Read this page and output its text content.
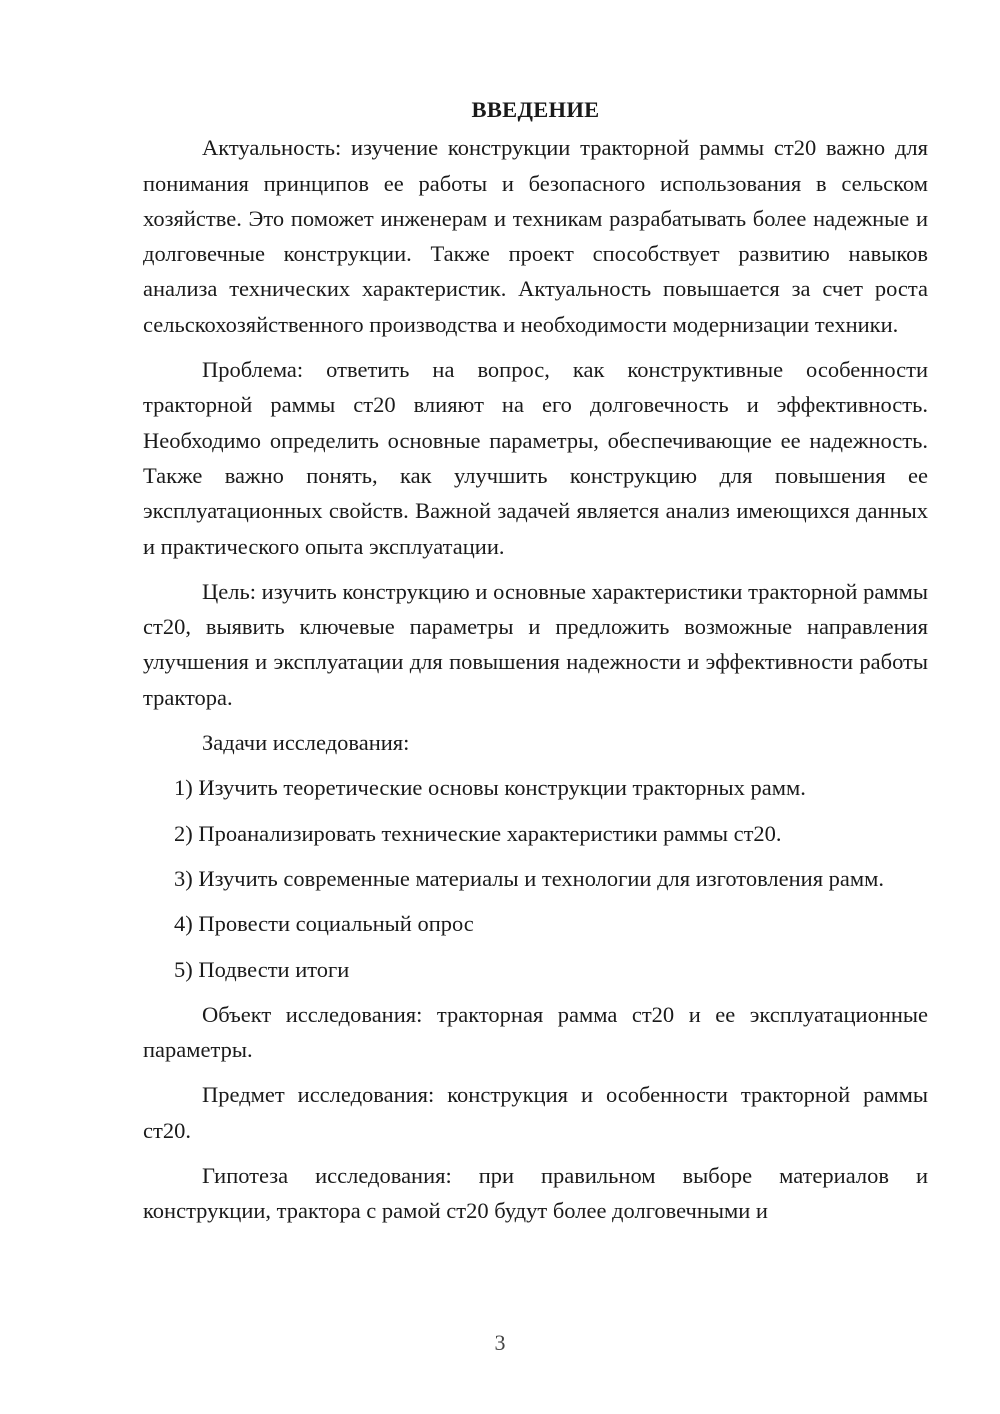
ВВЕДЕНИЕ

Актуальность: изучение конструкции тракторной раммы ст20 важно для понимания принципов ее работы и безопасного использования в сельском хозяйстве. Это поможет инженерам и техникам разрабатывать более надежные и долговечные конструкции. Также проект способствует развитию навыков анализа технических характеристик. Актуальность повышается за счет роста сельскохозяйственного производства и необходимости модернизации техники.

Проблема: ответить на вопрос, как конструктивные особенности тракторной раммы ст20 влияют на его долговечность и эффективность. Необходимо определить основные параметры, обеспечивающие ее надежность. Также важно понять, как улучшить конструкцию для повышения ее эксплуатационных свойств. Важной задачей является анализ имеющихся данных и практического опыта эксплуатации.

Цель: изучить конструкцию и основные характеристики тракторной раммы ст20, выявить ключевые параметры и предложить возможные направления улучшения и эксплуатации для повышения надежности и эффективности работы трактора.

Задачи исследования:

1) Изучить теоретические основы конструкции тракторных рамм.

2) Проанализировать технические характеристики раммы ст20.

3) Изучить современные материалы и технологии для изготовления рамм.

4) Провести социальный опрос

5) Подвести итоги

Объект исследования: тракторная рамма ст20 и ее эксплуатационные параметры.

Предмет исследования: конструкция и особенности тракторной раммы ст20.

Гипотеза исследования: при правильном выборе материалов и конструкции, трактора с рамой ст20 будут более долговечными и

3
